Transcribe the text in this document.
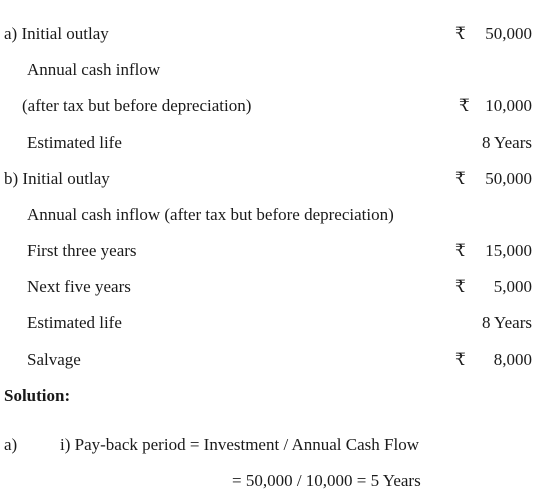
a) Initial outlay	₹ 50,000
Annual cash inflow
(after tax but before depreciation)	₹ 10,000
Estimated life	8 Years
b) Initial outlay	₹ 50,000
Annual cash inflow (after tax but before depreciation)
First three years	₹ 15,000
Next five years	₹ 5,000
Estimated life	8 Years
Salvage	₹ 8,000
Solution:
a)	i) Pay-back period = Investment / Annual Cash Flow
= 50,000 / 10,000 = 5 Years
